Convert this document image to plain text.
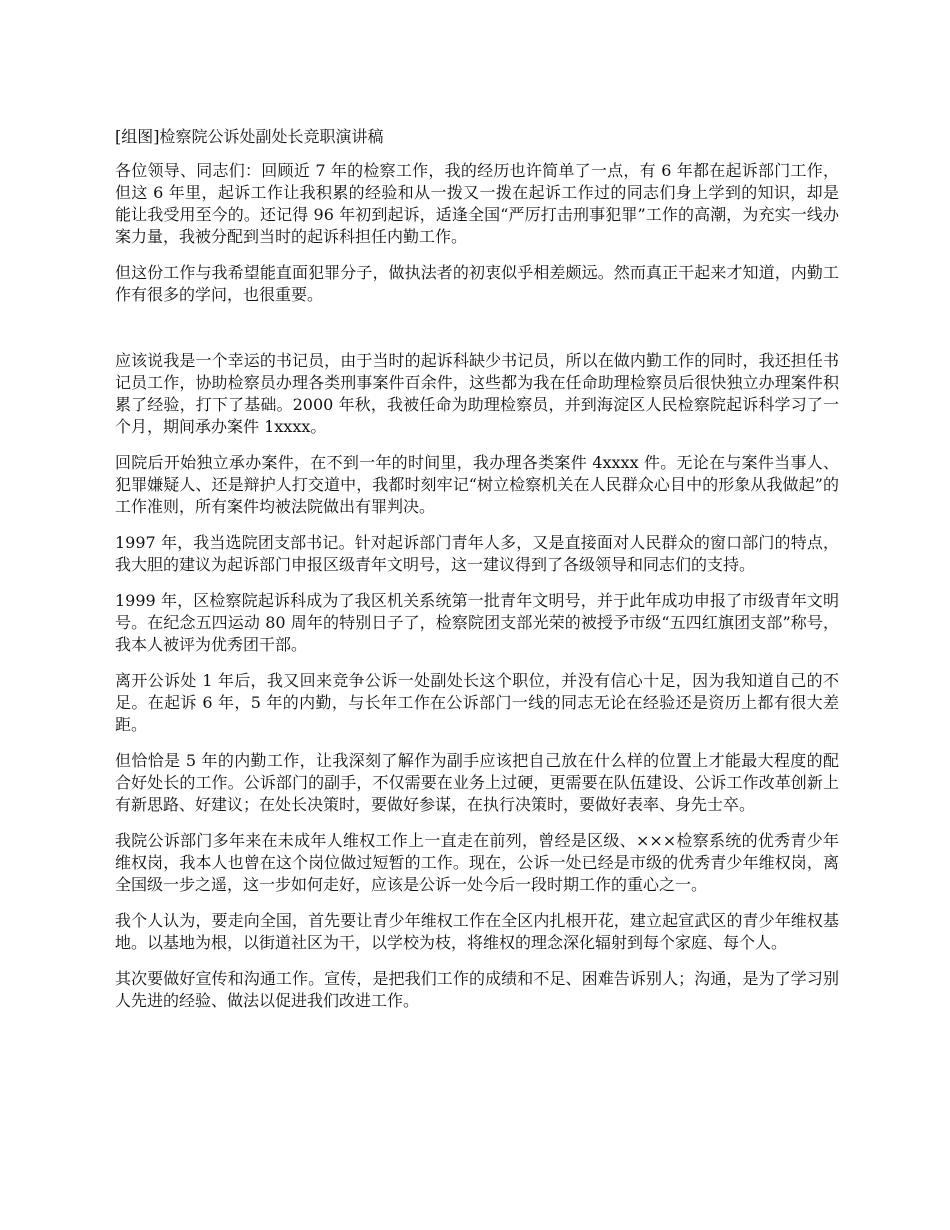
[组图]检察院公诉处副处长竞职演讲稿

各位领导、同志们：回顾近 7 年的检察工作，我的经历也许简单了一点，有 6 年都在起诉部门工作，但这 6 年里，起诉工作让我积累的经验和从一拨又一拨在起诉工作过的同志们身上学到的知识，却是能让我受用至今的。还记得 96 年初到起诉，适逢全国“严厉打击刑事犯罪”工作的高潮，为充实一线办案力量，我被分配到当时的起诉科担任内勤工作。

但这份工作与我希望能直面犯罪分子，做执法者的初衷似乎相差颇远。然而真正干起来才知道，内勤工作有很多的学问，也很重要。

应该说我是一个幸运的书记员，由于当时的起诉科缺少书记员，所以在做内勤工作的同时，我还担任书记员工作，协助检察员办理各类刑事案件百余件，这些都为我在任命助理检察员后很快独立办理案件积累了经验，打下了基础。2000 年秋，我被任命为助理检察员，并到海淀区人民检察院起诉科学习了一个月，期间承办案件 1xxxx。

回院后开始独立承办案件，在不到一年的时间里，我办理各类案件 4xxxx 件。无论在与案件当事人、犯罪嫌疑人、还是辩护人打交道中，我都时刻牢记“树立检察机关在人民群众心目中的形象从我做起”的工作准则，所有案件均被法院做出有罪判决。

1997 年，我当选院团支部书记。针对起诉部门青年人多，又是直接面对人民群众的窗口部门的特点，我大胆的建议为起诉部门申报区级青年文明号，这一建议得到了各级领导和同志们的支持。

1999 年，区检察院起诉科成为了我区机关系统第一批青年文明号，并于此年成功申报了市级青年文明号。在纪念五四运动 80 周年的特别日子了，检察院团支部光荣的被授予市级“五四红旗团支部”称号，我本人被评为优秀团干部。

离开公诉处 1 年后，我又回来竞争公诉一处副处长这个职位，并没有信心十足，因为我知道自己的不足。在起诉 6 年，5 年的内勤，与长年工作在公诉部门一线的同志无论在经验还是资历上都有很大差距。

但恰恰是 5 年的内勤工作，让我深刻了解作为副手应该把自己放在什么样的位置上才能最大程度的配合好处长的工作。公诉部门的副手，不仅需要在业务上过硬，更需要在队伍建设、公诉工作改革创新上有新思路、好建议；在处长决策时，要做好参谋，在执行决策时，要做好表率、身先士卒。

我院公诉部门多年来在未成年人维权工作上一直走在前列，曾经是区级、×××检察系统的优秀青少年维权岗，我本人也曾在这个岗位做过短暂的工作。现在，公诉一处已经是市级的优秀青少年维权岗，离全国级一步之遥，这一步如何走好，应该是公诉一处今后一段时期工作的重心之一。

我个人认为，要走向全国，首先要让青少年维权工作在全区内扎根开花，建立起宣武区的青少年维权基地。以基地为根，以街道社区为干，以学校为枝，将维权的理念深化辐射到每个家庭、每个人。

其次要做好宣传和沟通工作。宣传，是把我们工作的成绩和不足、困难告诉别人；沟通，是为了学习别人先进的经验、做法以促进我们改进工作。
